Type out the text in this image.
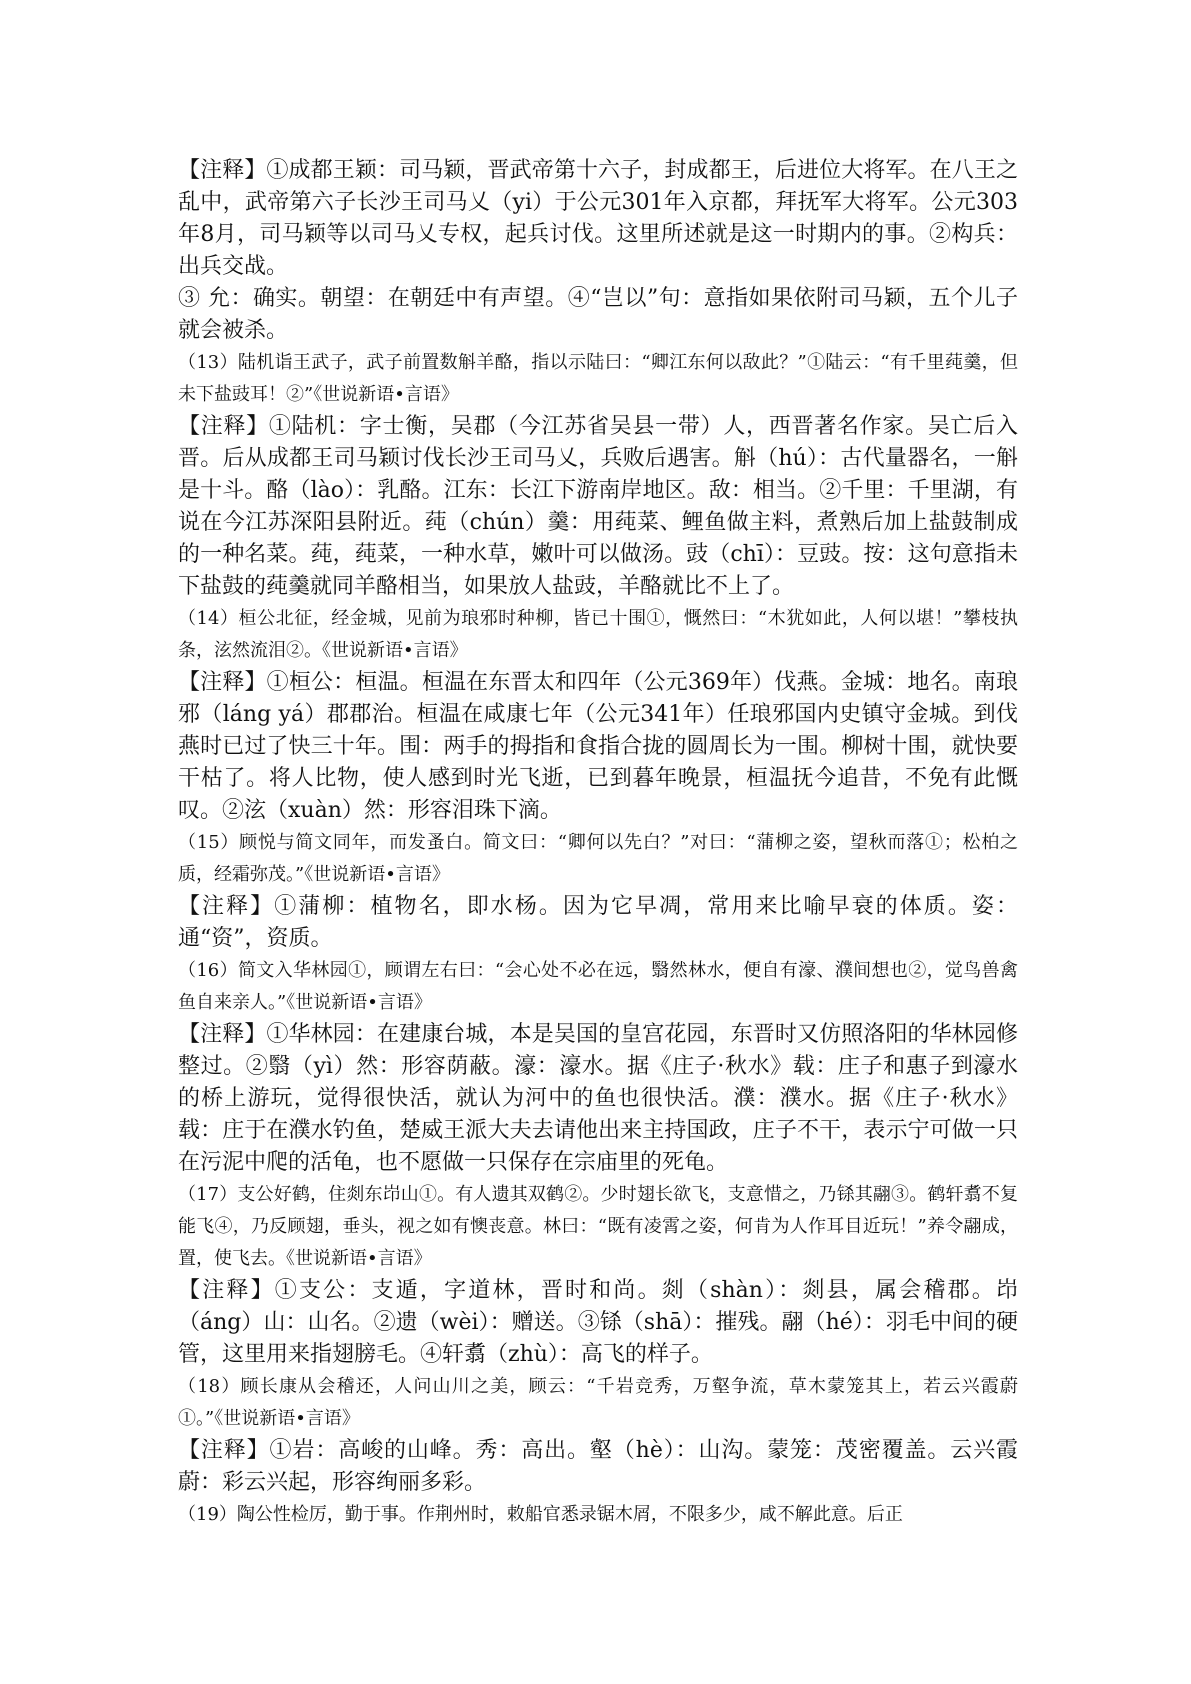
【注释】①成都王颖：司马颖，晋武帝第十六子，封成都王，后进位大将军。在八王之乱中，武帝第六子长沙王司马乂（yi）于公元301年入京都，拜抚军大将军。公元303年8月，司马颖等以司马乂专权，起兵讨伐。这里所述就是这一时期内的事。②构兵：出兵交战。

③ 允：确实。朝望：在朝廷中有声望。④“岂以”句：意指如果依附司马颖，五个儿子就会被杀。

（13）陆机诣王武子，武子前置数斛羊酪，指以示陆曰：“卿江东何以敌此？”①陆云：“有千里莼羹，但未下盐豉耳！②”《世说新语•言语》

【注释】①陆机：字士衡，吴郡（今江苏省吴县一带）人，西晋著名作家。吴亡后入晋。后从成都王司马颖讨伐长沙王司马乂，兵败后遇害。斛（hú）：古代量器名，一斛是十斗。酪（lào）：乳酪。江东：长江下游南岸地区。敌：相当。②千里：千里湖，有说在今江苏深阳县附近。莼（chún）羹：用莼菜、鲤鱼做主料，煮熟后加上盐鼓制成的一种名菜。莼，莼菜，一种水草，嫩叶可以做汤。豉（chī）：豆豉。按：这句意指未下盐鼓的莼羹就同羊酪相当，如果放人盐豉，羊酪就比不上了。

（14）桓公北征，经金城，见前为琅邪时种柳，皆已十围①，慨然曰：“木犹如此，人何以堪！”攀枝执条，泫然流泪②。《世说新语•言语》

【注释】①桓公：桓温。桓温在东晋太和四年（公元369年）伐燕。金城：地名。南琅邪（láng yá）郡郡治。桓温在咸康七年（公元341年）任琅邪国内史镇守金城。到伐燕时已过了快三十年。围：两手的拇指和食指合拢的圆周长为一围。柳树十围，就快要干枯了。将人比物，使人感到时光飞逝，已到暮年晚景，桓温抚今追昔，不免有此慨叹。②泫（xuàn）然：形容泪珠下滴。

（15）顾悦与简文同年，而发蚤白。简文曰：“卿何以先白？”对曰：“蒲柳之姿，望秋而落①；松柏之质，经霜弥茂。”《世说新语•言语》

【注释】①蒲柳：植物名，即水杨。因为它早凋，常用来比喻早衰的体质。姿：通“资”，资质。

（16）简文入华林园①，顾谓左右曰：“会心处不必在远，翳然林水，便自有濠、濮间想也②，觉鸟兽禽鱼自来亲人。”《世说新语•言语》

【注释】①华林园：在建康台城，本是吴国的皇宫花园，东晋时又仿照洛阳的华林园修整过。②翳（yì）然：形容荫蔽。濠：濠水。据《庄子·秋水》载：庄子和惠子到濠水的桥上游玩，觉得很快活，就认为河中的鱼也很快活。濮：濮水。据《庄子·秋水》载：庄于在濮水钓鱼，楚威王派大夫去请他出来主持国政，庄子不干，表示宁可做一只在污泥中爬的活龟，也不愿做一只保存在宗庙里的死龟。

（17）支公好鹤，住剡东岇山①。有人遗其双鹤②。少时翅长欲飞，支意惜之，乃铩其翮③。鹤轩翥不复能飞④，乃反顾翅，垂头，视之如有懊丧意。林曰：“既有凌霄之姿，何肯为人作耳目近玩！”养令翮成，置，使飞去。《世说新语•言语》

【注释】①支公：支遁，字道林，晋时和尚。剡（shàn）：剡县，属会稽郡。岇（áng）山：山名。②遗（wèi）：赠送。③铩（shā）：摧残。翮（hé）：羽毛中间的硬管，这里用来指翅膀毛。④轩翥（zhù）：高飞的样子。

（18）顾长康从会稽还，人问山川之美，顾云：“千岩竞秀，万壑争流，草木蒙笼其上，若云兴霞蔚①。”《世说新语•言语》

【注释】①岩：高峻的山峰。秀：高出。壑（hè）：山沟。蒙笼：茂密覆盖。云兴霞蔚：彩云兴起，形容绚丽多彩。

（19）陶公性检厉，勤于事。作荆州时，敕船官悉录锯木屑，不限多少，咸不解此意。后正
